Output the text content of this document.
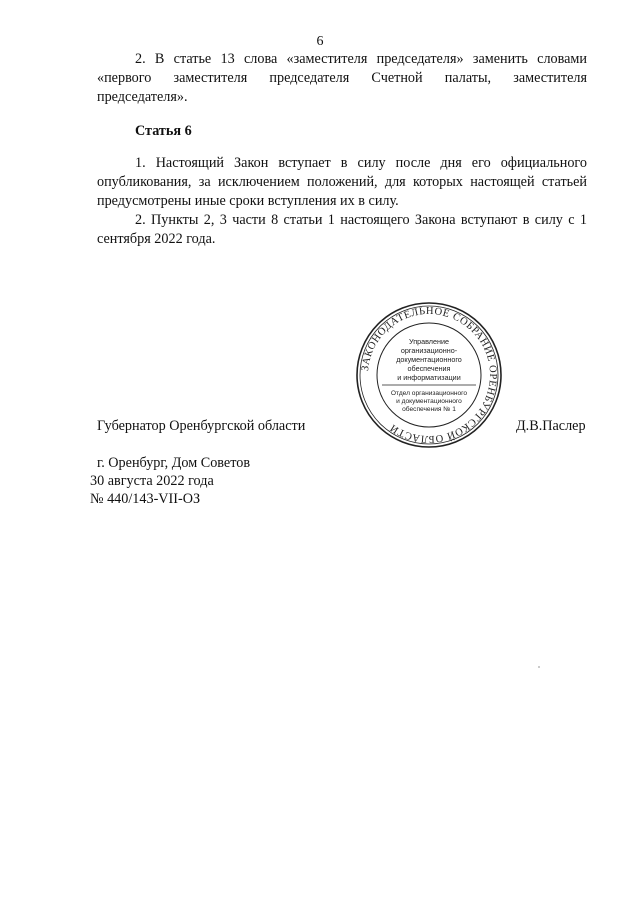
6

2. В статье 13 слова «заместителя председателя» заменить словами «первого заместителя председателя Счетной палаты, заместителя председателя».

Статья 6

1. Настоящий Закон вступает в силу после дня его официального опубликования, за исключением положений, для которых настоящей статьей предусмотрены иные сроки вступления их в силу.

2. Пункты 2, 3 части 8 статьи 1 настоящего Закона вступают в силу с 1 сентября 2022 года.

Губернатор Оренбургской области	Д.В.Паслер
ЗАКОНОДАТЕЛЬНОЕ СОБРАНИЕ ОРЕНБУРГСКОЙ ОБЛАСТИ
Управление
организационно-
документационного
обеспечения
и информатизации
Отдел организационного
и документационного
обеспечения № 1
г. Оренбург, Дом Советов
30 августа 2022 года
№ 440/143-VII-ОЗ
